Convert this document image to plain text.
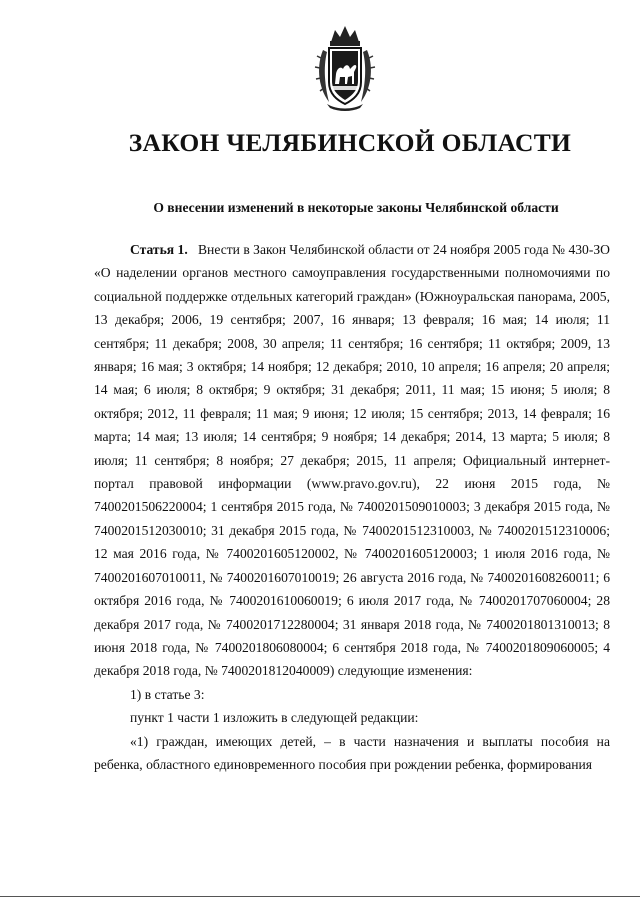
ЗАКОН ЧЕЛЯБИНСКОЙ ОБЛАСТИ
О внесении изменений в некоторые законы Челябинской области

Статья 1. Внести в Закон Челябинской области от 24 ноября 2005 года № 430-ЗО «О наделении органов местного самоуправления государственными полномочиями по социальной поддержке отдельных категорий граждан» (Южноуральская панорама, 2005, 13 декабря; 2006, 19 сентября; 2007, 16 января; 13 февраля; 16 мая; 14 июля; 11 сентября; 11 декабря; 2008, 30 апреля; 11 сентября; 16 сентября; 11 октября; 2009, 13 января; 16 мая; 3 октября; 14 ноября; 12 декабря; 2010, 10 апреля; 16 апреля; 20 апреля; 14 мая; 6 июля; 8 октября; 9 октября; 31 декабря; 2011, 11 мая; 15 июня; 5 июля; 8 октября; 2012, 11 февраля; 11 мая; 9 июня; 12 июля; 15 сентября; 2013, 14 февраля; 16 марта; 14 мая; 13 июля; 14 сентября; 9 ноября; 14 декабря; 2014, 13 марта; 5 июля; 8 июля; 11 сентября; 8 ноября; 27 декабря; 2015, 11 апреля; Официальный интернет-портал правовой информации (www.pravo.gov.ru), 22 июня 2015 года, № 7400201506220004; 1 сентября 2015 года, № 7400201509010003; 3 декабря 2015 года, № 7400201512030010; 31 декабря 2015 года, № 7400201512310003, № 7400201512310006; 12 мая 2016 года, № 7400201605120002, № 7400201605120003; 1 июля 2016 года, № 7400201607010011, № 7400201607010019; 26 августа 2016 года, № 7400201608260011; 6 октября 2016 года, № 7400201610060019; 6 июля 2017 года, № 7400201707060004; 28 декабря 2017 года, № 7400201712280004; 31 января 2018 года, № 7400201801310013; 8 июня 2018 года, № 7400201806080004; 6 сентября 2018 года, № 7400201809060005; 4 декабря 2018 года, № 7400201812040009) следующие изменения:

1) в статье 3:

пункт 1 части 1 изложить в следующей редакции:

«1) граждан, имеющих детей, – в части назначения и выплаты пособия на ребенка, областного единовременного пособия при рождении ребенка, формирования
